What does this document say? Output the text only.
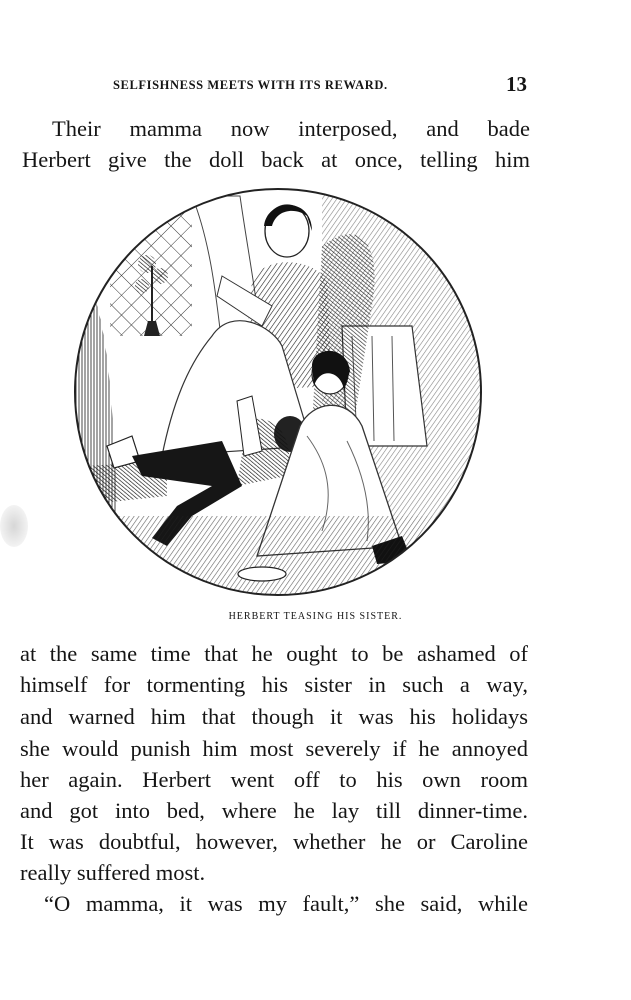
SELFISHNESS MEETS WITH ITS REWARD.	13
Their mamma now interposed, and bade
Herbert give the doll back at once, telling him
HERBERT TEASING HIS SISTER.
at the same time that he ought to be ashamed of
himself for tormenting his sister in such a way,
and warned him that though it was his holidays
she would punish him most severely if he annoyed
her again. Herbert went off to his own room
and got into bed, where he lay till dinner-time.
It was doubtful, however, whether he or Caroline
really suffered most.
“O mamma, it was my fault,” she said, while
